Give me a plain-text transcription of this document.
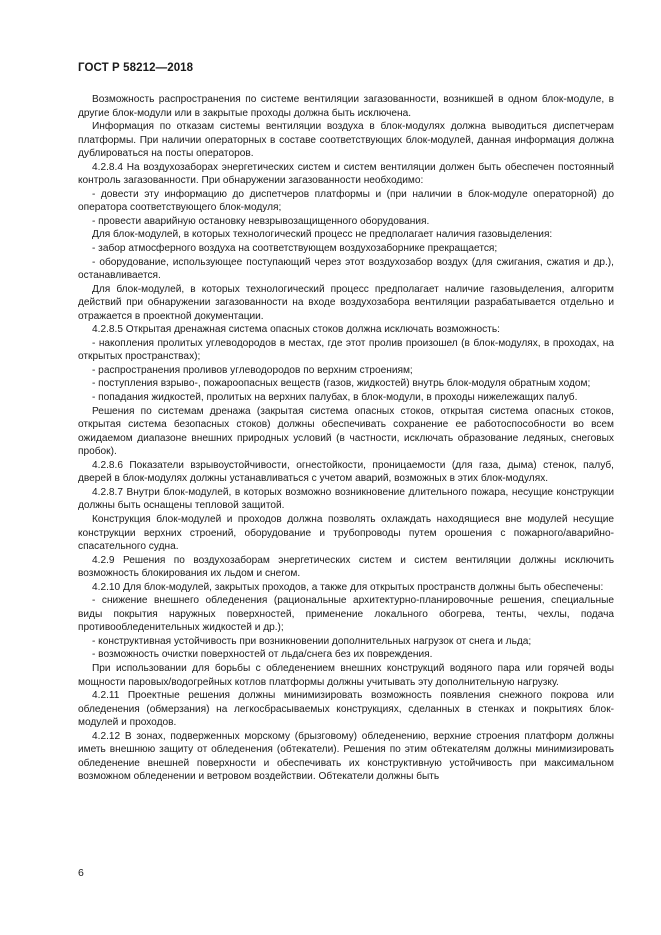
ГОСТ Р 58212—2018

Возможность распространения по системе вентиляции загазованности, возникшей в одном блок-модуле, в другие блок-модули или в закрытые проходы должна быть исключена.

Информация по отказам системы вентиляции воздуха в блок-модулях должна выводиться диспетчерам платформы. При наличии операторных в составе соответствующих блок-модулей, данная информация должна дублироваться на посты операторов.

4.2.8.4 На воздухозаборах энергетических систем и систем вентиляции должен быть обеспечен постоянный контроль загазованности. При обнаружении загазованности необходимо:

- довести эту информацию до диспетчеров платформы и (при наличии в блок-модуле операторной) до оператора соответствующего блок-модуля;

- провести аварийную остановку невзрывозащищенного оборудования.

Для блок-модулей, в которых технологический процесс не предполагает наличия газовыделения:

- забор атмосферного воздуха на соответствующем воздухозаборнике прекращается;

- оборудование, использующее поступающий через этот воздухозабор воздух (для сжигания, сжатия и др.), останавливается.

Для блок-модулей, в которых технологический процесс предполагает наличие газовыделения, алгоритм действий при обнаружении загазованности на входе воздухозабора вентиляции разрабатывается отдельно и отражается в проектной документации.

4.2.8.5 Открытая дренажная система опасных стоков должна исключать возможность:

- накопления пролитых углеводородов в местах, где этот пролив произошел (в блок-модулях, в проходах, на открытых пространствах);

- распространения проливов углеводородов по верхним строениям;

- поступления взрыво-, пожароопасных веществ (газов, жидкостей) внутрь блок-модуля обратным ходом;

- попадания жидкостей, пролитых на верхних палубах, в блок-модули, в проходы нижележащих палуб.

Решения по системам дренажа (закрытая система опасных стоков, открытая система опасных стоков, открытая система безопасных стоков) должны обеспечивать сохранение ее работоспособности во всем ожидаемом диапазоне внешних природных условий (в частности, исключать образование ледяных, снеговых пробок).

4.2.8.6 Показатели взрывоустойчивости, огнестойкости, проницаемости (для газа, дыма) стенок, палуб, дверей в блок-модулях должны устанавливаться с учетом аварий, возможных в этих блок-модулях.

4.2.8.7 Внутри блок-модулей, в которых возможно возникновение длительного пожара, несущие конструкции должны быть оснащены тепловой защитой.

Конструкция блок-модулей и проходов должна позволять охлаждать находящиеся вне модулей несущие конструкции верхних строений, оборудование и трубопроводы путем орошения с пожарного/аварийно-спасательного судна.

4.2.9 Решения по воздухозаборам энергетических систем и систем вентиляции должны исключить возможность блокирования их льдом и снегом.

4.2.10 Для блок-модулей, закрытых проходов, а также для открытых пространств должны быть обеспечены:

- снижение внешнего обледенения (рациональные архитектурно-планировочные решения, специальные виды покрытия наружных поверхностей, применение локального обогрева, тенты, чехлы, подача противообледенительных жидкостей и др.);

- конструктивная устойчивость при возникновении дополнительных нагрузок от снега и льда;

- возможность очистки поверхностей от льда/снега без их повреждения.

При использовании для борьбы с обледенением внешних конструкций водяного пара или горячей воды мощности паровых/водогрейных котлов платформы должны учитывать эту дополнительную нагрузку.

4.2.11 Проектные решения должны минимизировать возможность появления снежного покрова или обледенения (обмерзания) на легкосбрасываемых конструкциях, сделанных в стенках и покрытиях блок-модулей и проходов.

4.2.12 В зонах, подверженных морскому (брызговому) обледенению, верхние строения платформ должны иметь внешнюю защиту от обледенения (обтекатели). Решения по этим обтекателям должны минимизировать обледенение внешней поверхности и обеспечивать их конструктивную устойчивость при максимальном возможном обледенении и ветровом воздействии. Обтекатели должны быть

6
